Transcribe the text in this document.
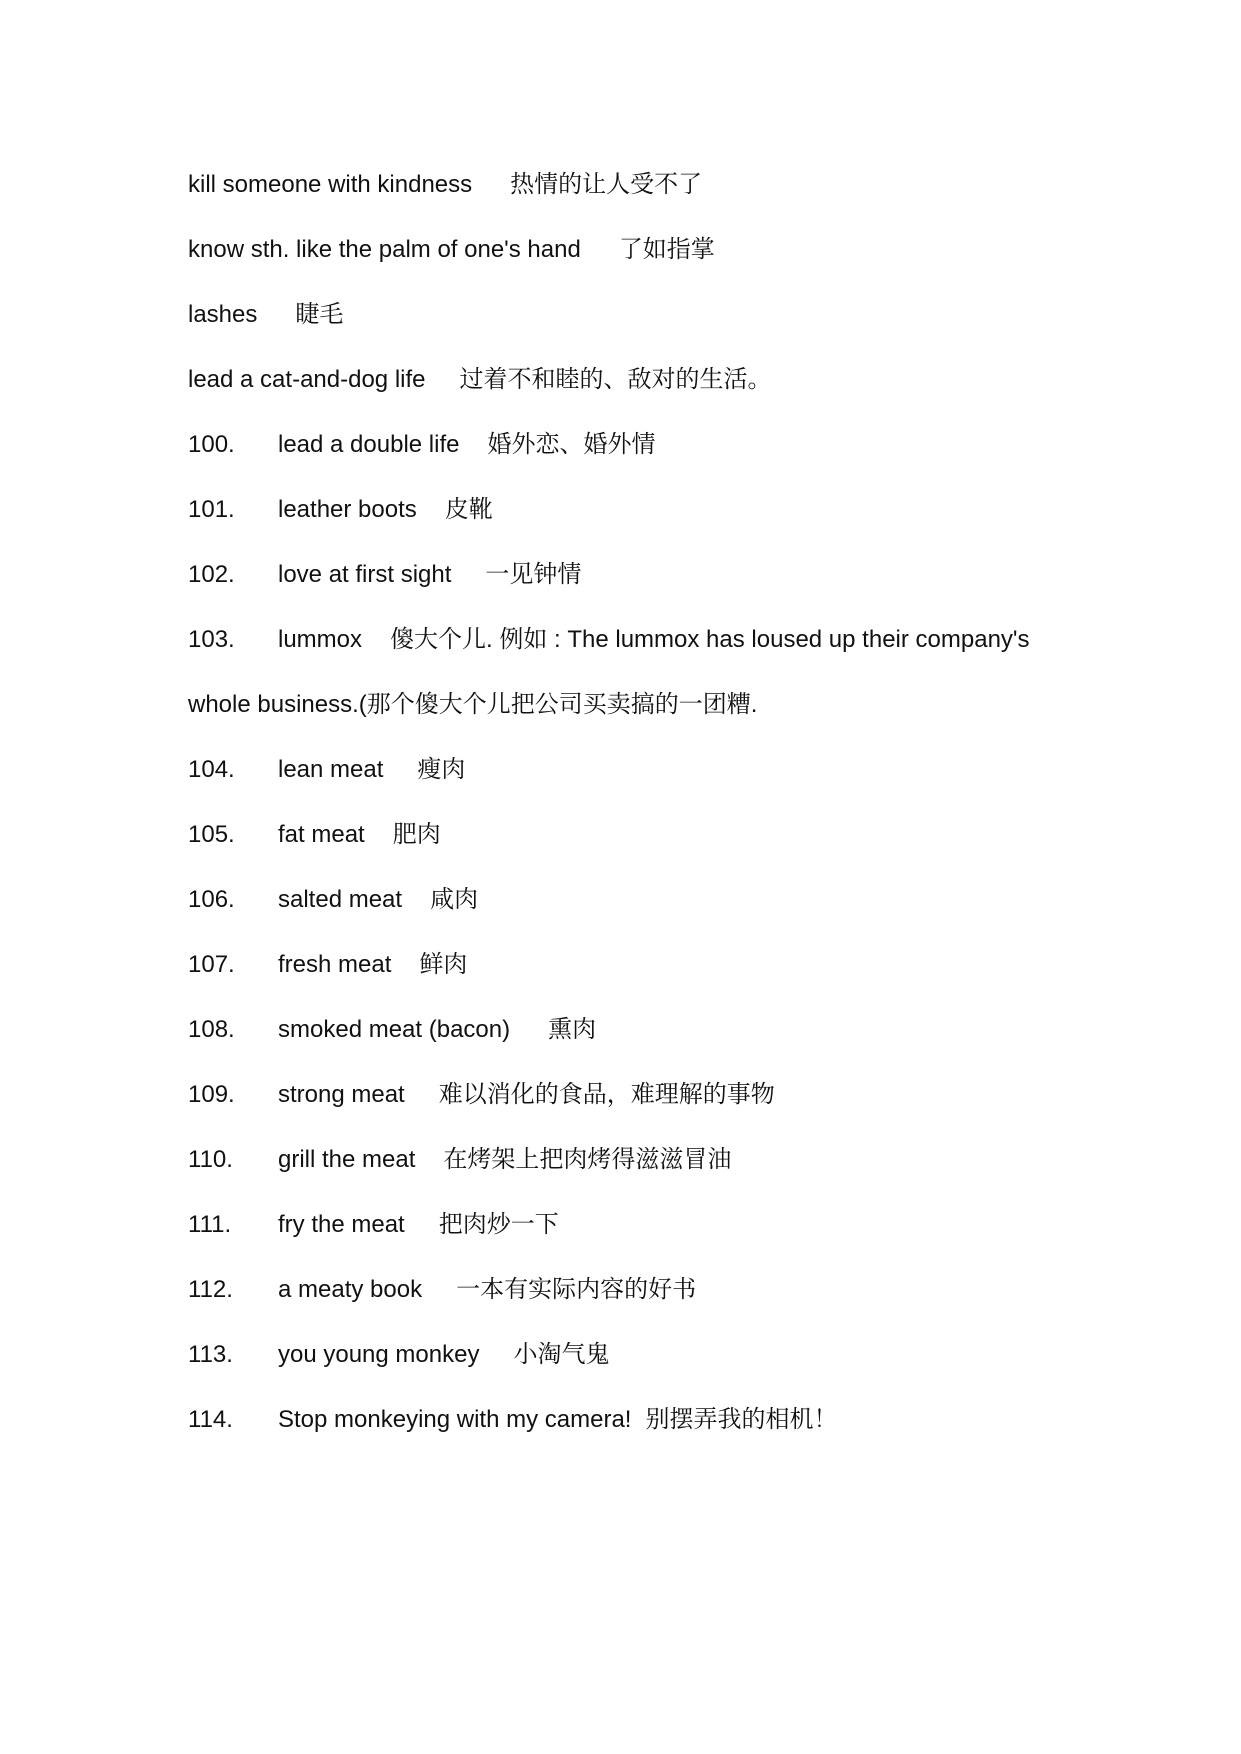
kill someone with kindness 热情的让人受不了
know sth. like the palm of one's hand 了如指掌
lashes 睫毛
lead a cat-and-dog life 过着不和睦的、敌对的生活。
100. lead a double life 婚外恋、婚外情
101. leather boots 皮靴
102. love at first sight 一见钟情
103. lummox 傻大个儿. 例如 : The lummox has loused up their company's
whole business.(那个傻大个儿把公司买卖搞的一团糟.
104. lean meat 瘦肉
105. fat meat 肥肉
106. salted meat 咸肉
107. fresh meat 鲜肉
108. smoked meat (bacon) 熏肉
109. strong meat 难以消化的食品，难理解的事物
110. grill the meat 在烤架上把肉烤得滋滋冒油
111. fry the meat 把肉炒一下
112. a meaty book 一本有实际内容的好书
113. you young monkey 小淘气鬼
114. Stop monkeying with my camera! 别摆弄我的相机！
